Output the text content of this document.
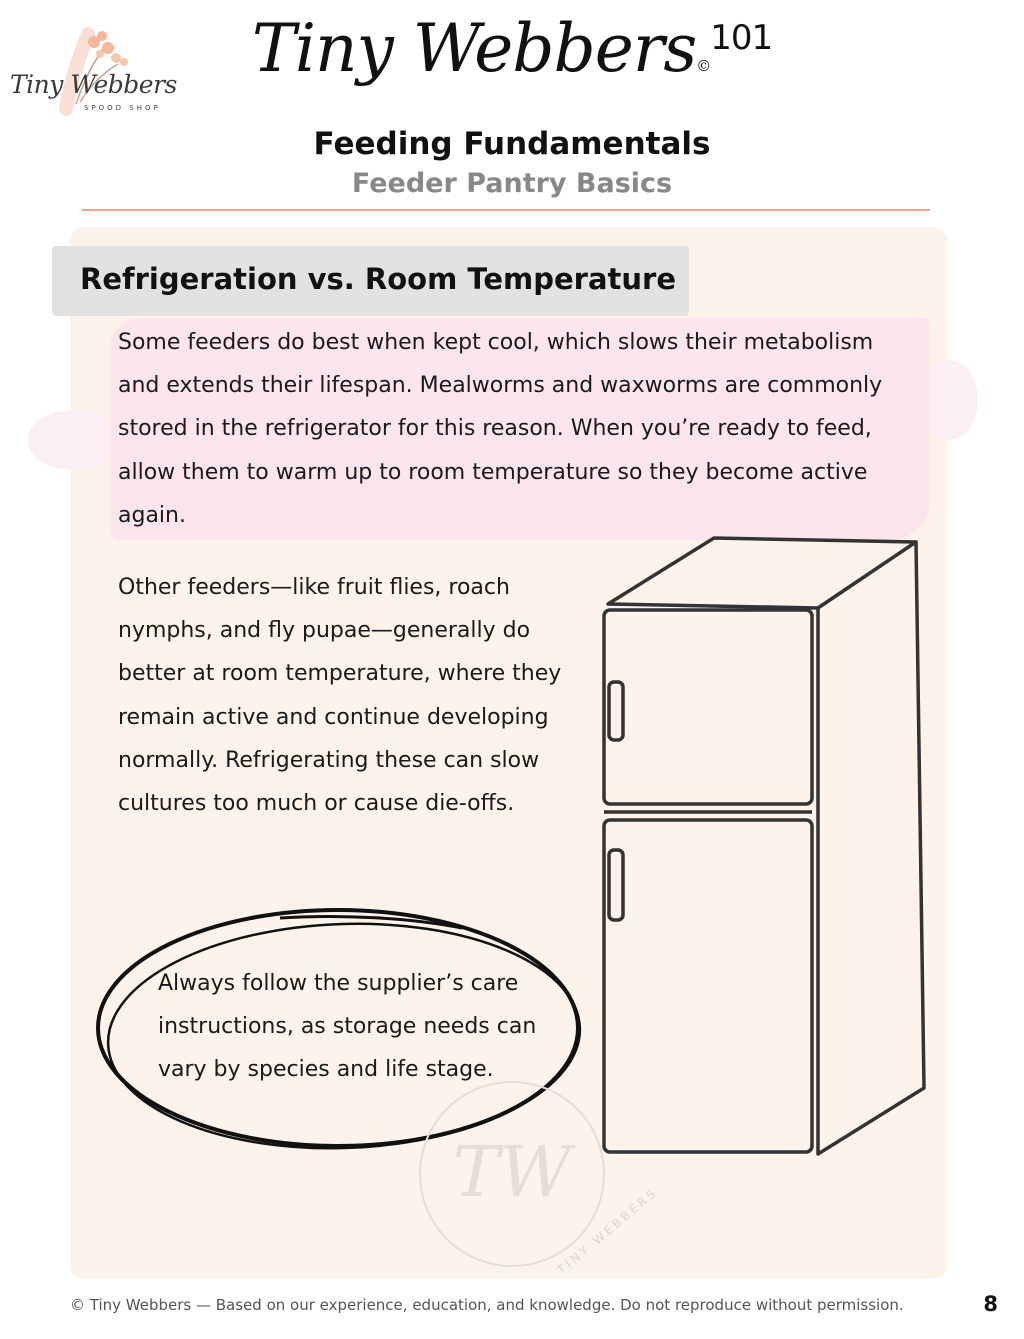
Tiny Webbers
SPOOD SHOP
Tiny Webbers©$^{101}$
Feeding Fundamentals
Feeder Pantry Basics
Refrigeration vs. Room Temperature
Some feeders do best when kept cool, which slows their metabolism and extends their lifespan. Mealworms and waxworms are commonly stored in the refrigerator for this reason. When you’re ready to feed, allow them to warm up to room temperature so they become active again.
Other feeders—like fruit flies, roach nymphs, and fly pupae—generally do better at room temperature, where they remain active and continue developing normally. Refrigerating these can slow cultures too much or cause die-offs.
Always follow the supplier’s care instructions, as storage needs can vary by species and life stage.
TW
TINY WEBBERS
© Tiny Webbers — Based on our experience, education, and knowledge. Do not reproduce without permission.	8
